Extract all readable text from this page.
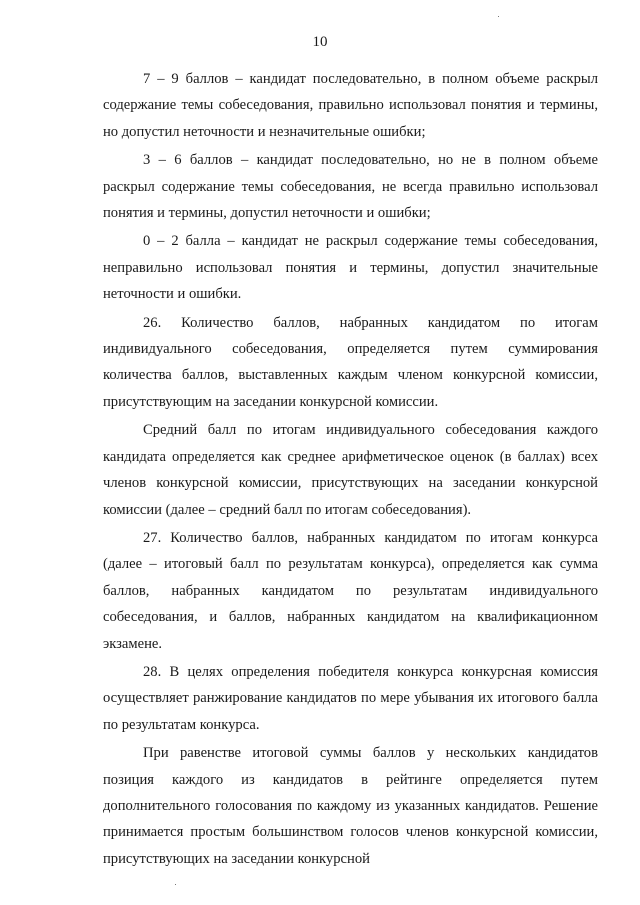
10

7 – 9 баллов – кандидат последовательно, в полном объеме раскрыл содержание темы собеседования, правильно использовал понятия и термины, но допустил неточности и незначительные ошибки;

3 – 6 баллов – кандидат последовательно, но не в полном объеме раскрыл содержание темы собеседования, не всегда правильно использовал понятия и термины, допустил неточности и ошибки;

0 – 2 балла – кандидат не раскрыл содержание темы собеседования, неправильно использовал понятия и термины, допустил значительные неточности и ошибки.

26. Количество баллов, набранных кандидатом по итогам индивидуального собеседования, определяется путем суммирования количества баллов, выставленных каждым членом конкурсной комиссии, присутствующим на заседании конкурсной комиссии.

Средний балл по итогам индивидуального собеседования каждого кандидата определяется как среднее арифметическое оценок (в баллах) всех членов конкурсной комиссии, присутствующих на заседании конкурсной комиссии (далее – средний балл по итогам собеседования).

27. Количество баллов, набранных кандидатом по итогам конкурса (далее – итоговый балл по результатам конкурса), определяется как сумма баллов, набранных кандидатом по результатам индивидуального собеседования, и баллов, набранных кандидатом на квалификационном экзамене.

28. В целях определения победителя конкурса конкурсная комиссия осуществляет ранжирование кандидатов по мере убывания их итогового балла по результатам конкурса.

При равенстве итоговой суммы баллов у нескольких кандидатов позиция каждого из кандидатов в рейтинге определяется путем дополнительного голосования по каждому из указанных кандидатов. Решение принимается простым большинством голосов членов конкурсной комиссии, присутствующих на заседании конкурсной
